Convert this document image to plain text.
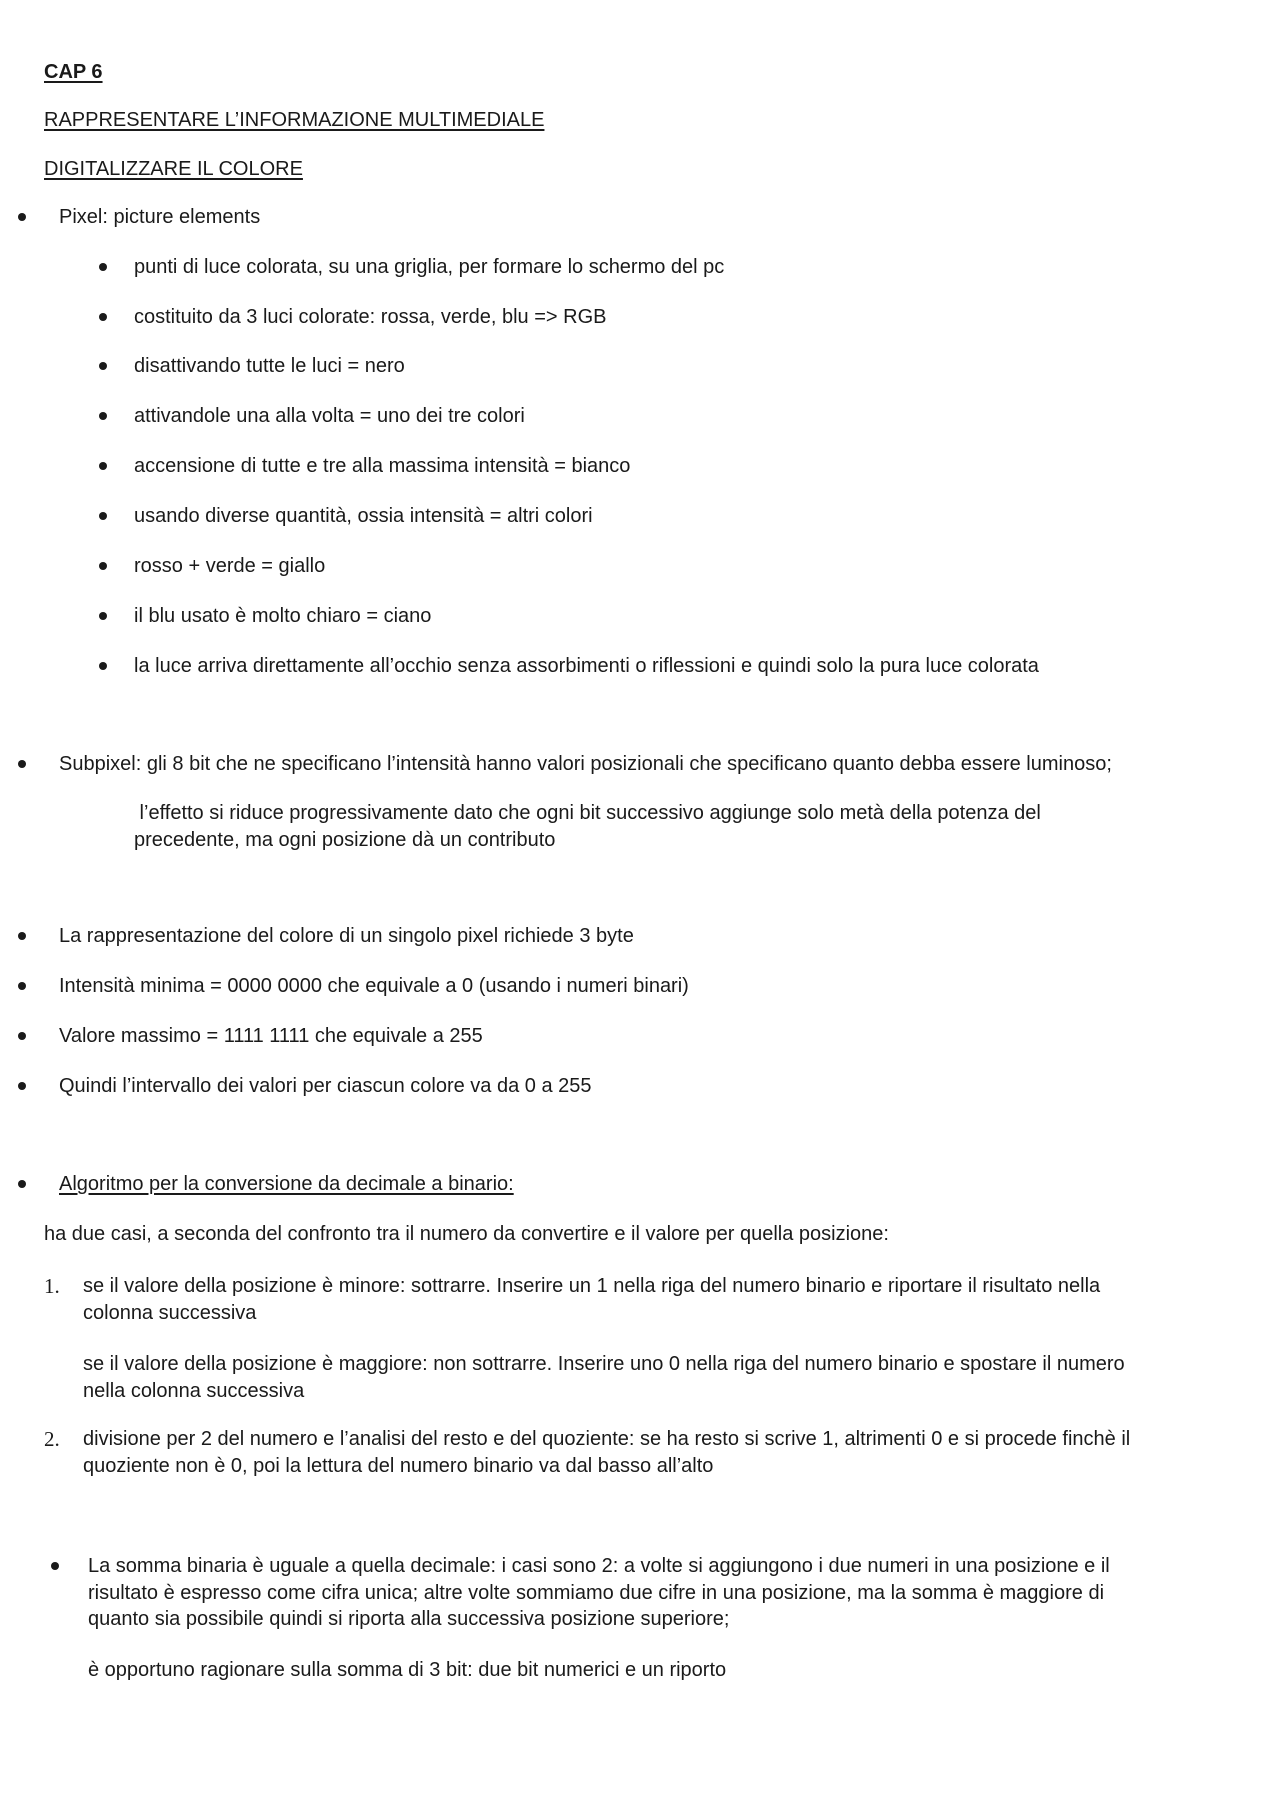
CAP 6
RAPPRESENTARE L’INFORMAZIONE MULTIMEDIALE
DIGITALIZZARE IL COLORE
Pixel: picture elements
punti di luce colorata, su una griglia, per formare lo schermo del pc
costituito da 3 luci colorate: rossa, verde, blu => RGB
disattivando tutte le luci = nero
attivandole una alla volta = uno dei tre colori
accensione di tutte e tre alla massima intensità = bianco
usando diverse quantità, ossia intensità = altri colori
rosso + verde = giallo
il blu usato è molto chiaro = ciano
la luce arriva direttamente all’occhio senza assorbimenti o riflessioni e quindi solo la pura luce colorata
Subpixel: gli 8 bit che ne specificano l’intensità hanno valori posizionali che specificano quanto debba essere luminoso;
l’effetto si riduce progressivamente dato che ogni bit successivo aggiunge solo metà della potenza del
precedente, ma ogni posizione dà un contributo
La rappresentazione del colore di un singolo pixel richiede 3 byte
Intensità minima = 0000 0000 che equivale a 0 (usando i numeri binari)
Valore massimo = 1111 1111 che equivale a 255
Quindi l’intervallo dei valori per ciascun colore va da 0 a 255
Algoritmo per la conversione da decimale a binario:
ha due casi, a seconda del confronto tra il numero da convertire e il valore per quella posizione:
1. se il valore della posizione è minore: sottrarre. Inserire un 1 nella riga del numero binario e riportare il risultato nella
colonna successiva
se il valore della posizione è maggiore: non sottrarre. Inserire uno 0 nella riga del numero binario e spostare il numero
nella colonna successiva
2. divisione per 2 del numero e l’analisi del resto e del quoziente: se ha resto si scrive 1, altrimenti 0 e si procede finchè il
quoziente non è 0, poi la lettura del numero binario va dal basso all’alto
La somma binaria è uguale a quella decimale: i casi sono 2: a volte si aggiungono i due numeri in una posizione e il
risultato è espresso come cifra unica; altre volte sommiamo due cifre in una posizione, ma la somma è maggiore di
quanto sia possibile quindi si riporta alla successiva posizione superiore;
è opportuno ragionare sulla somma di 3 bit: due bit numerici e un riporto
